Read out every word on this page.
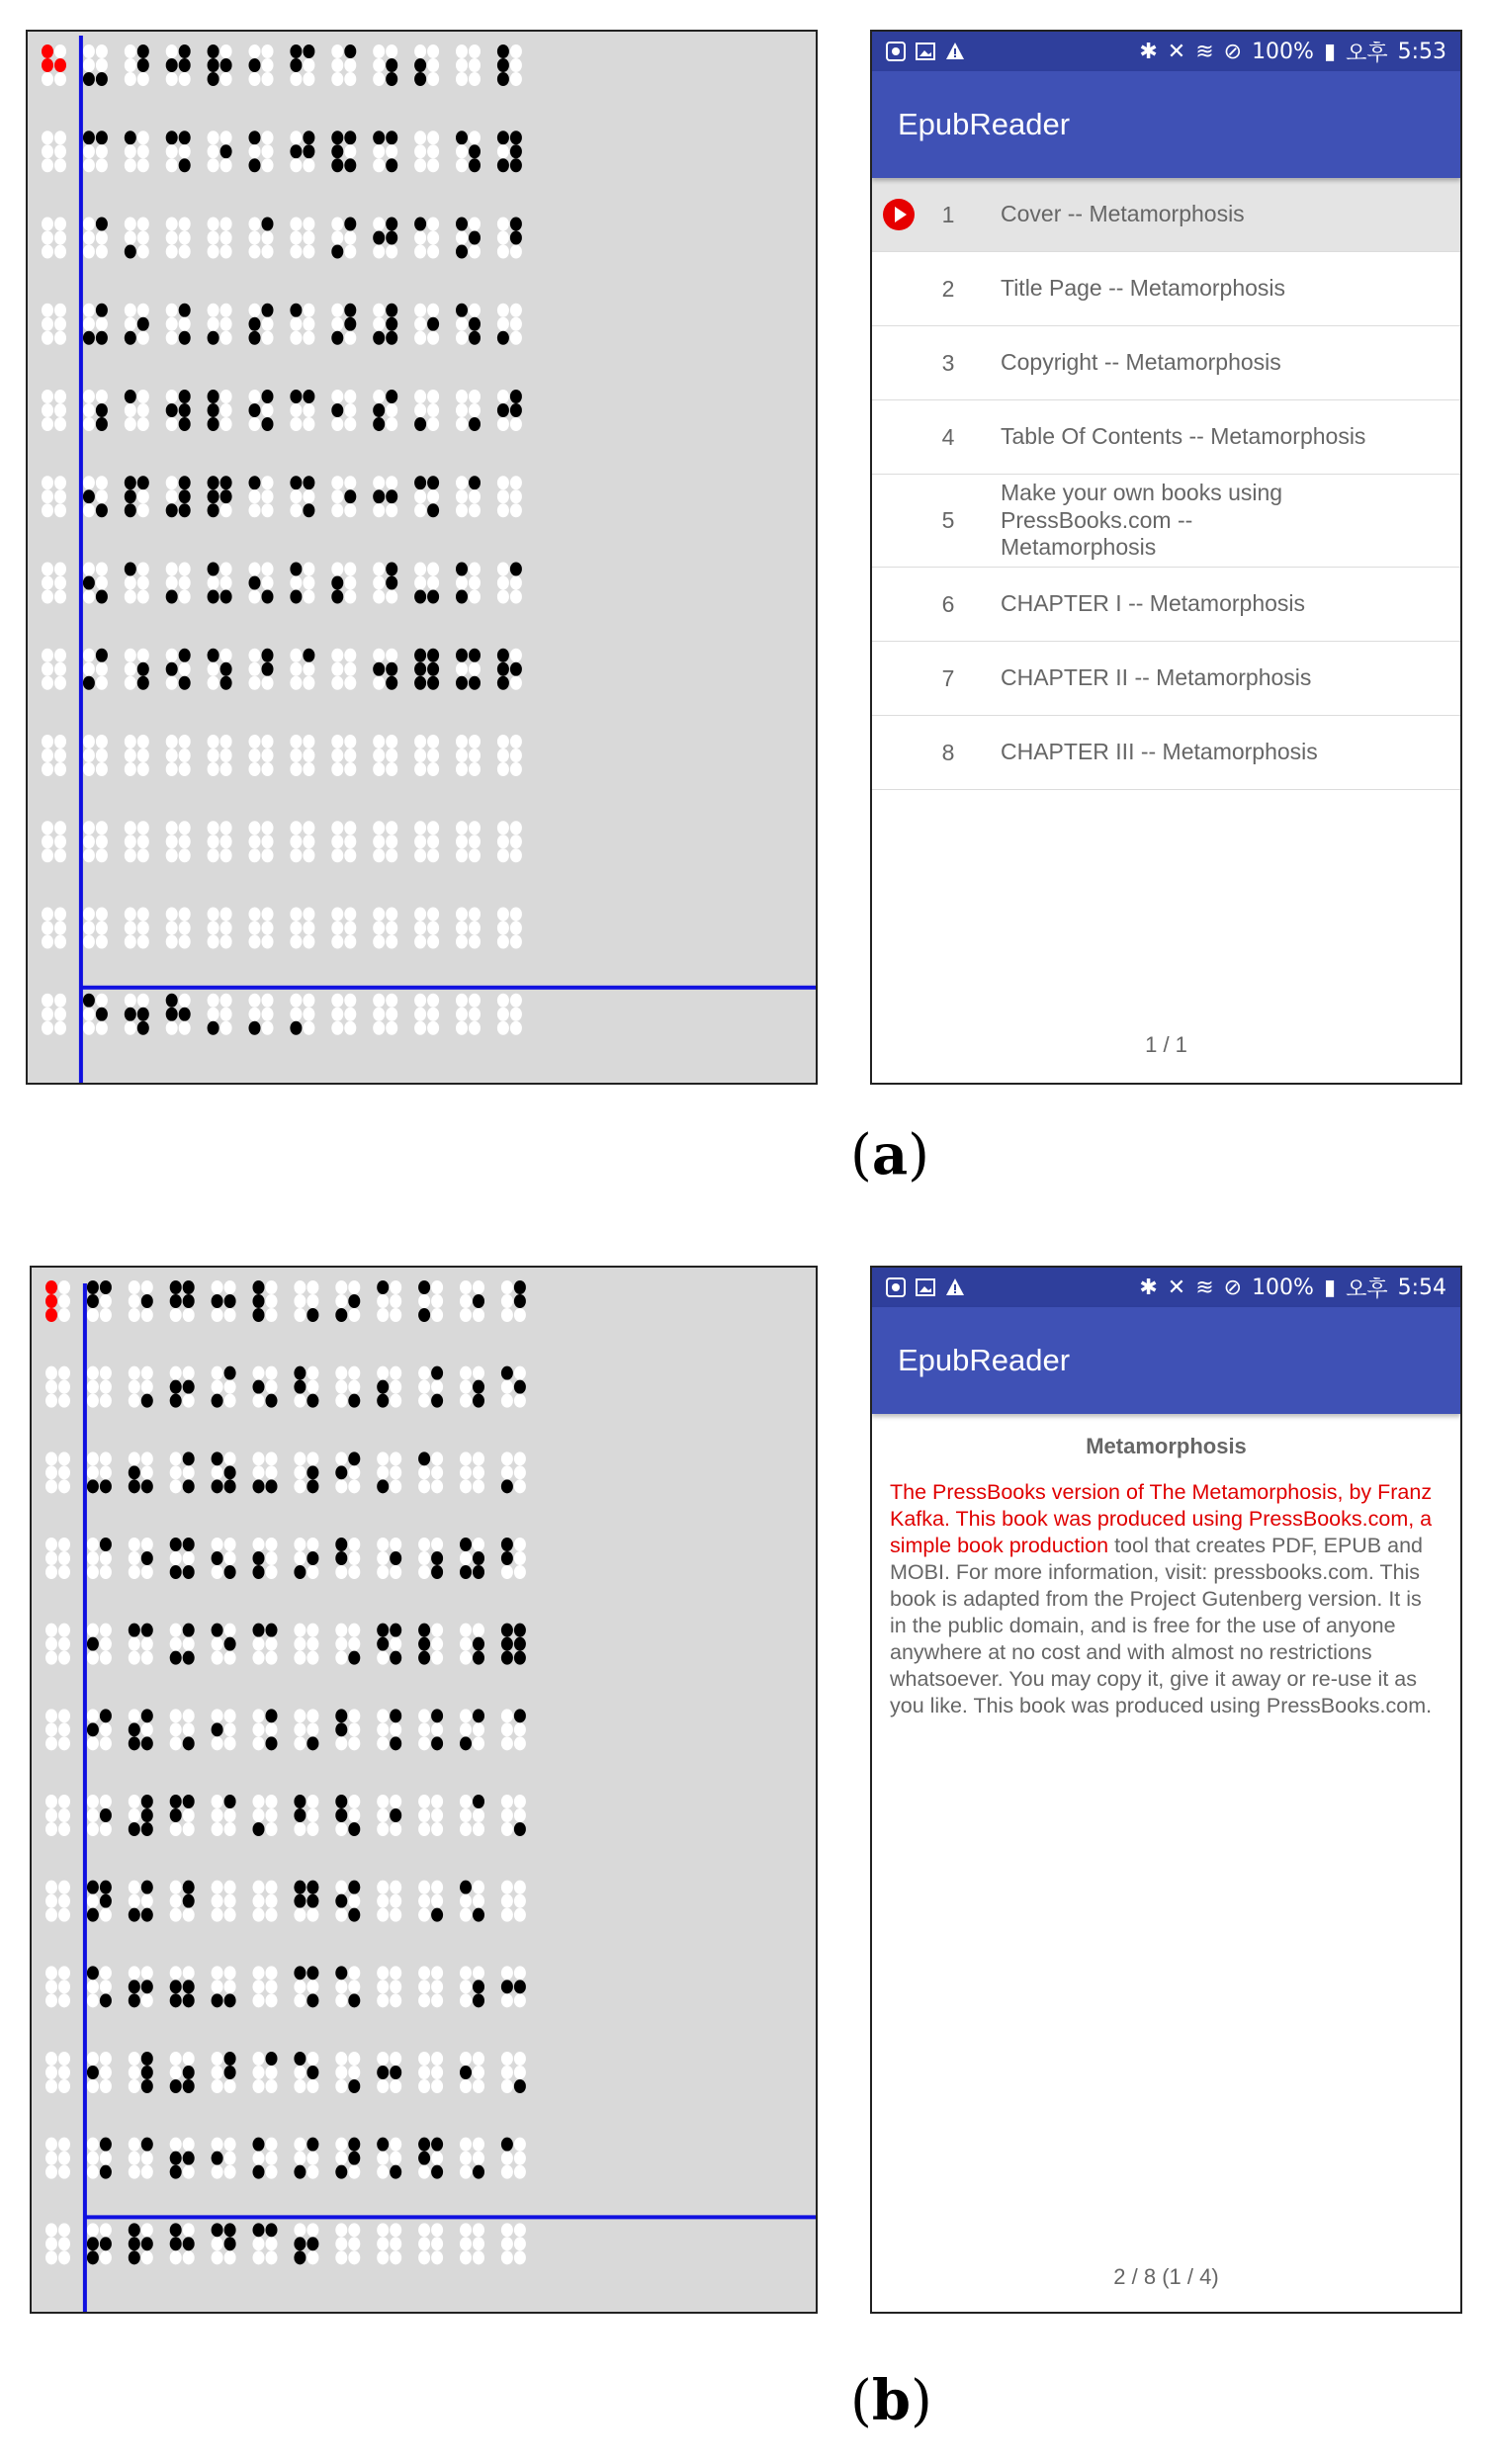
✱ ✕ ≋ ⊘ 100% ▮ 오후 5:53
EpubReader
1	Cover -- Metamorphosis
2	Title Page -- Metamorphosis
3	Copyright -- Metamorphosis
4	Table Of Contents -- Metamorphosis
5
Make your own books using PressBooks.com -- Metamorphosis
6	CHAPTER I -- Metamorphosis
7	CHAPTER II -- Metamorphosis
8	CHAPTER III -- Metamorphosis
1 / 1
(a)
✱ ✕ ≋ ⊘ 100% ▮ 오후 5:54
EpubReader
Metamorphosis
The PressBooks version of The Metamorphosis, by Franz Kafka. This book was produced using PressBooks.com, a simple book production tool that creates PDF, EPUB and MOBI. For more information, visit: pressbooks.com. This book is adapted from the Project Gutenberg version. It is in the public domain, and is free for the use of anyone anywhere at no cost and with almost no restrictions whatsoever. You may copy it, give it away or re-use it as you like. This book was produced using PressBooks.com.
2 / 8 (1 / 4)
(b)
